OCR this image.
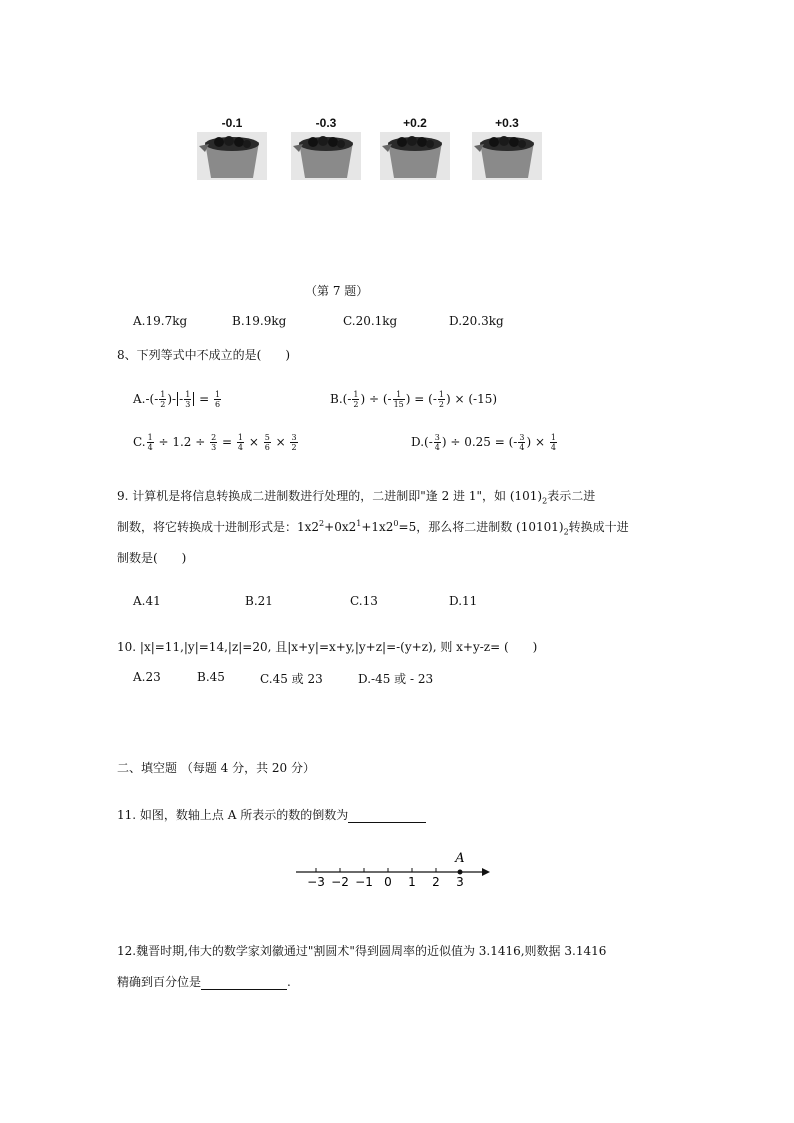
-0.1	-0.3	+0.2	+0.3
（第 7 题）
A.19.7kg	B.19.9kg	C.20.1kg	D.20.3kg
8、下列等式中不成立的是(　　)
$A.-(- \frac{1}{2}$ )- - $\frac{1}{3} = \frac{1}{6}$	$B.(- \frac{1}{2}$ ) ÷ (- $\frac{1}{15}$ ) = (- $\frac{1}{2}$ ) × (-15)
C. $\frac{1}{4} \div 1.2 \div \frac{2}{3} = \frac{1}{4} \times \frac{5}{6} \times \frac{3}{2}$	$D.(- \frac{3}{4}$ ) ÷ 0.25 = (- $\frac{3}{4}$ ) × $\frac{1}{4}$
9. 计算机是将信息转换成二进制数进行处理的，二进制即"逢 2 进 1"，如 $(101)_2$表示二进
制数，将它转换成十进制形式是：$1x2^2+0x2^1+1x2^0=5$，那么将二进制数 $(10101)_2$转换成十进
制数是(　　)
A.41	B.21	C.13	D.11
10. |x|=11,|y|=14,|z|=20, 且|x+y|=x+y,|y+z|=-(y+z), 则 x+y-z= (　　)
A.23	B.45	C.45 或 23	D.-45 或 - 23
二、填空题 （每题 4 分，共 20 分）
11. 如图，数轴上点 A 所表示的数的倒数为
A
−3 −2 −1 0 1 2 3
12.魏晋时期,伟大的数学家刘徽通过"割圆术"得到圆周率的近似值为 3.1416,则数据 3.1416
精确到百分位是	.
